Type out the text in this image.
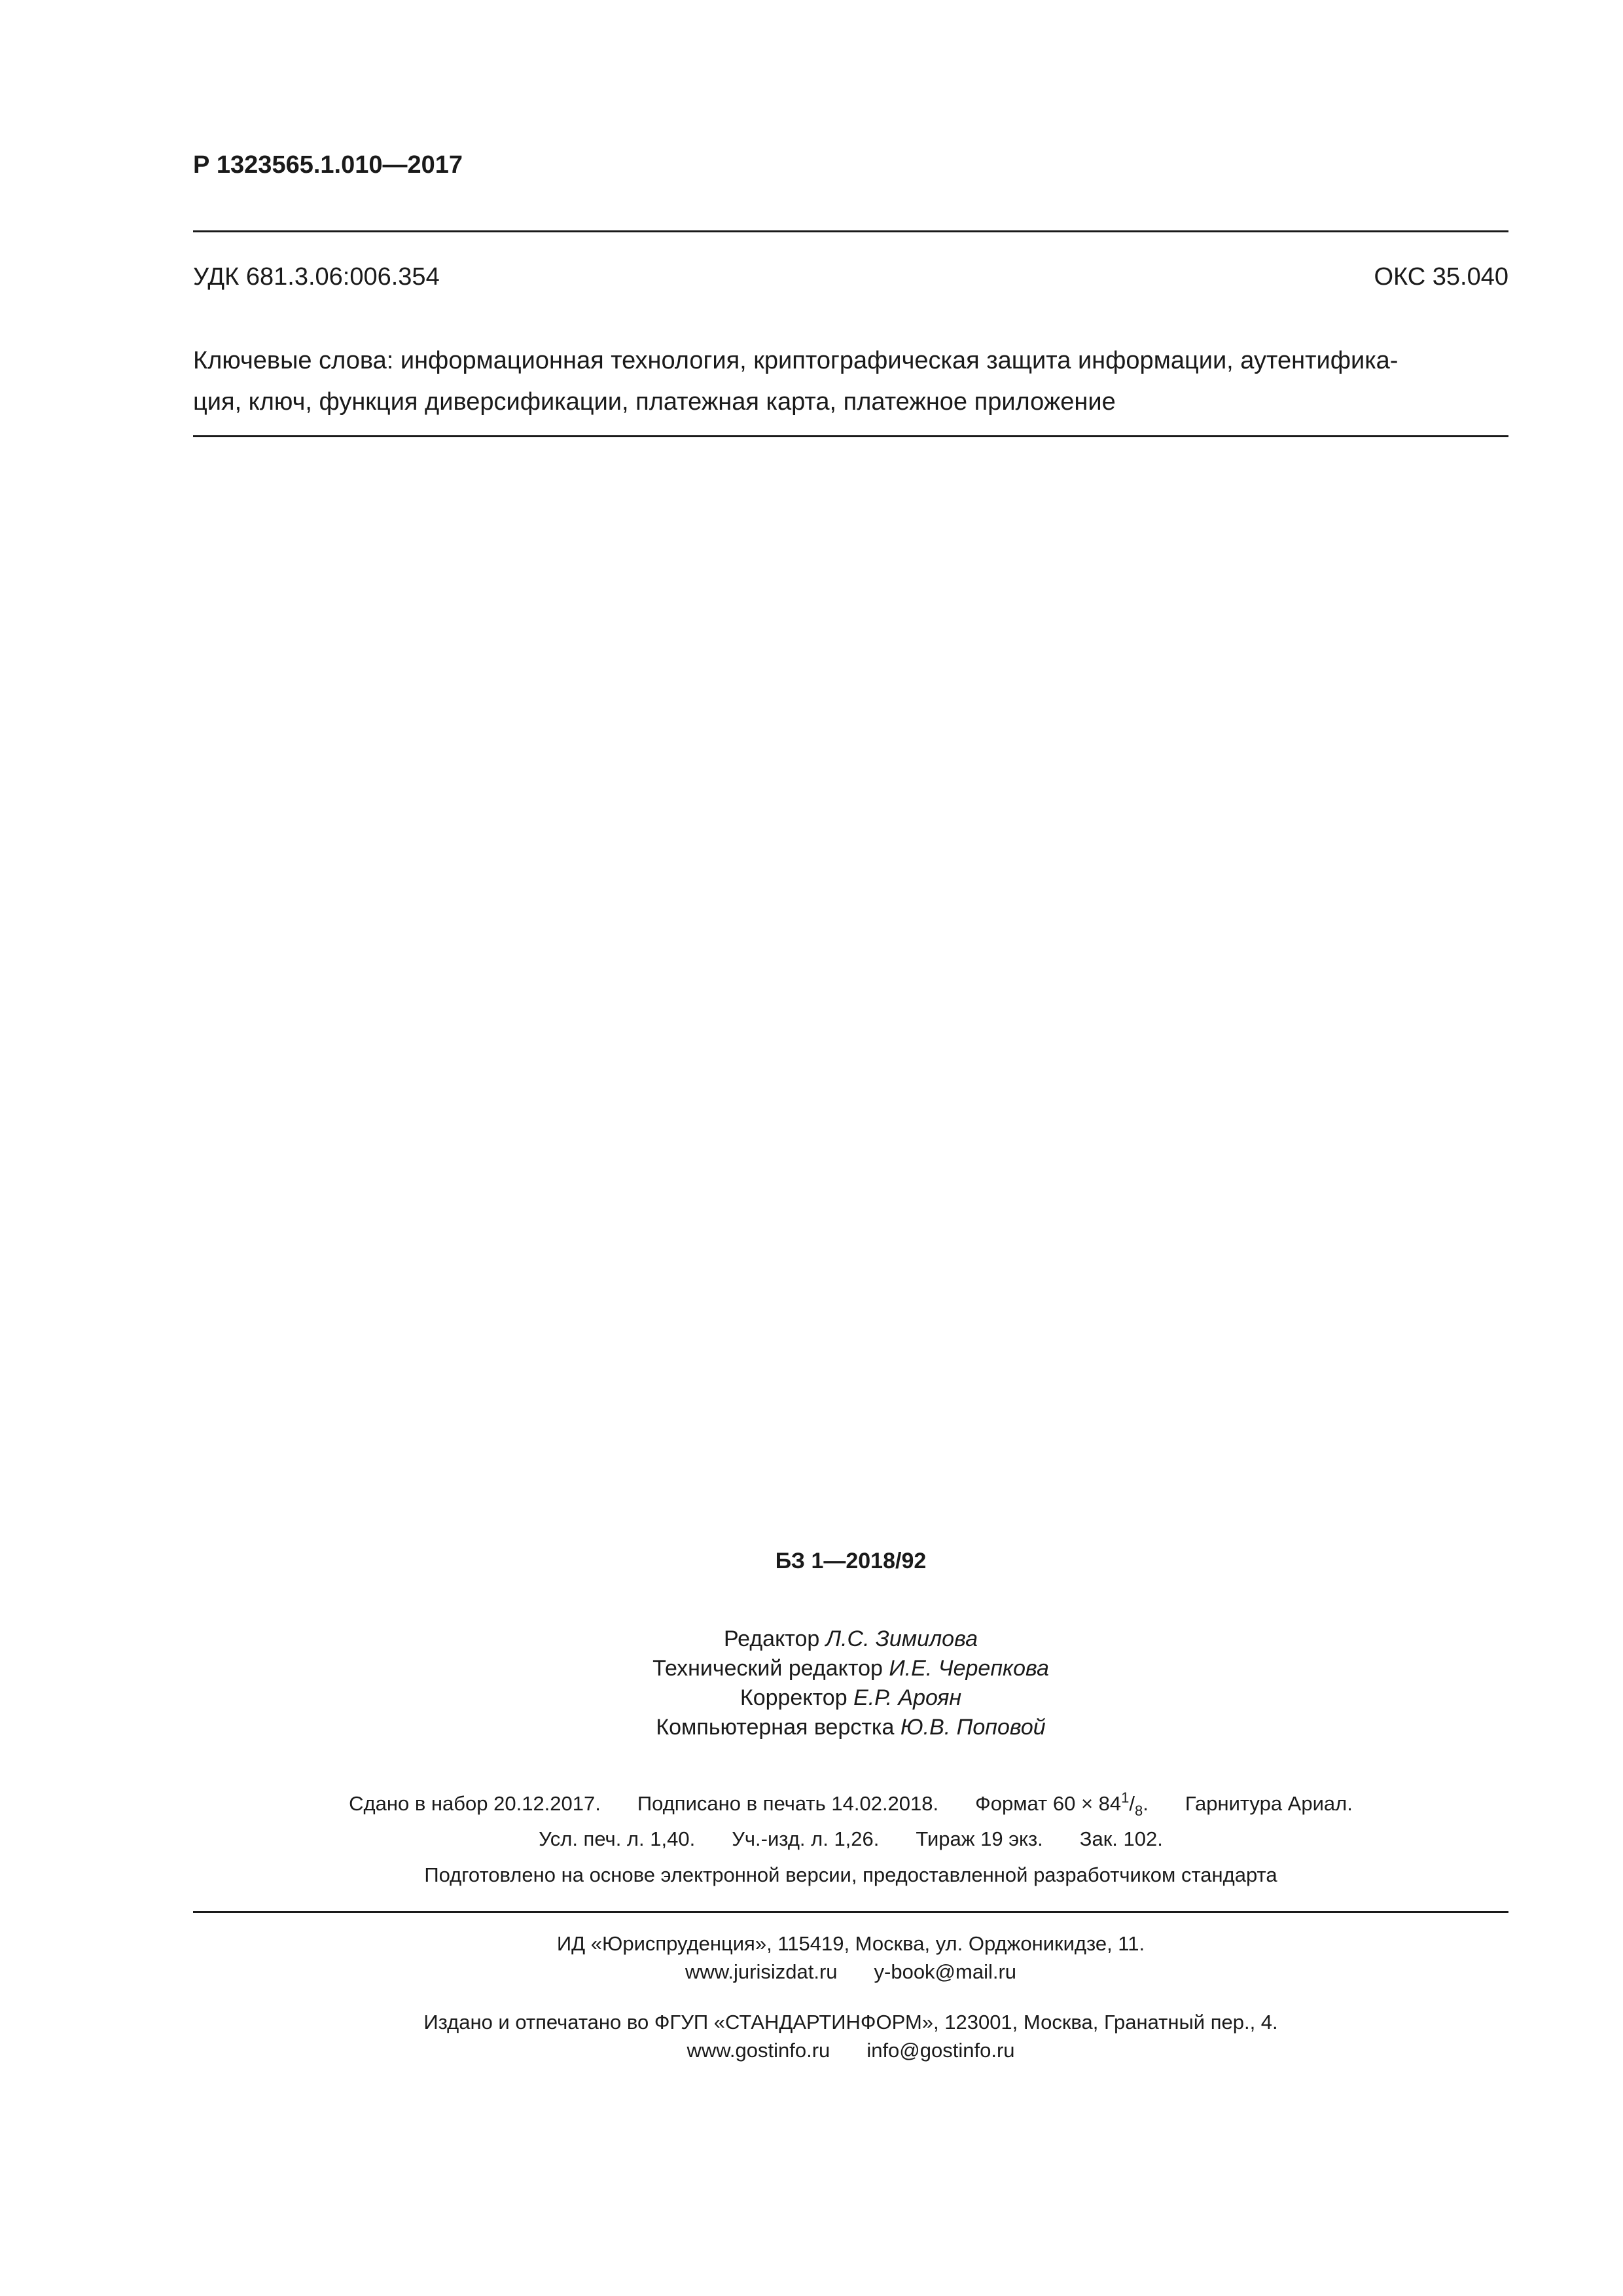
Р 1323565.1.010—2017
УДК 681.3.06:006.354	ОКС 35.040
Ключевые слова: информационная технология, криптографическая защита информации, аутентифика-
ция, ключ, функция диверсификации, платежная карта, платежное приложение
БЗ 1—2018/92
Редактор Л.С. Зимилова
Технический редактор И.Е. Черепкова
Корректор Е.Р. Ароян
Компьютерная верстка Ю.В. Поповой
Сдано в набор 20.12.2017. Подписано в печать 14.02.2018. Формат $60 \times 84^1/_8$. Гарнитура Ариал.
Усл. печ. л. 1,40. Уч.-изд. л. 1,26. Тираж 19 экз. Зак. 102.
Подготовлено на основе электронной версии, предоставленной разработчиком стандарта
ИД «Юриспруденция», 115419, Москва, ул. Орджоникидзе, 11.
www.jurisizdat.ru y-book@mail.ru
Издано и отпечатано во ФГУП «СТАНДАРТИНФОРМ», 123001, Москва, Гранатный пер., 4.
www.gostinfo.ru info@gostinfo.ru
